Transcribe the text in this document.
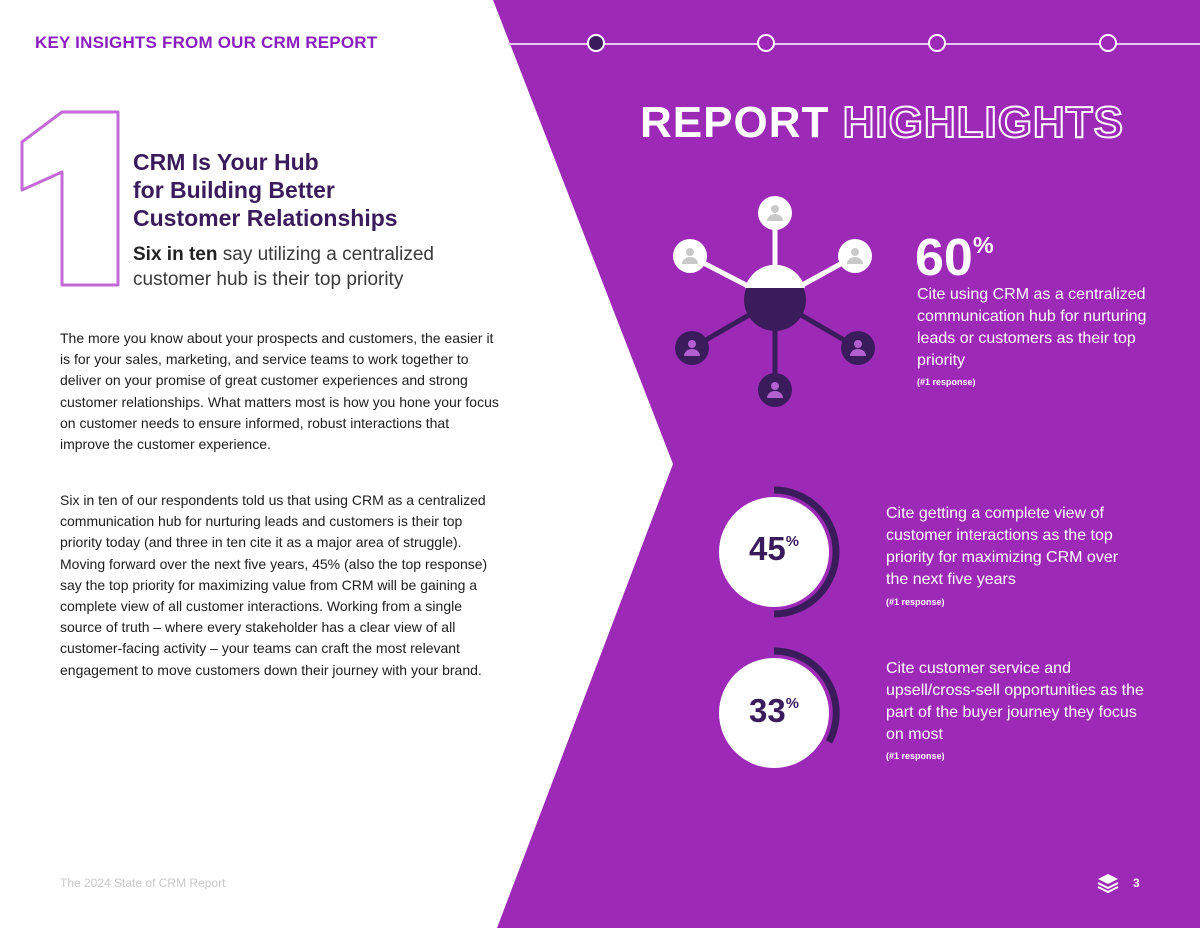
KEY INSIGHTS FROM OUR CRM REPORT
CRM Is Your Hub
for Building Better
Customer Relationships
Six in ten say utilizing a centralized customer hub is their top priority
The more you know about your prospects and customers, the easier it is for your sales, marketing, and service teams to work together to deliver on your promise of great customer experiences and strong customer relationships. What matters most is how you hone your focus on customer needs to ensure informed, robust interactions that improve the customer experience.
Six in ten of our respondents told us that using CRM as a centralized communication hub for nurturing leads and customers is their top priority today (and three in ten cite it as a major area of struggle). Moving forward over the next five years, 45% (also the top response) say the top priority for maximizing value from CRM will be gaining a complete view of all customer interactions. Working from a single source of truth – where every stakeholder has a clear view of all customer-facing activity – your teams can craft the most relevant engagement to move customers down their journey with your brand.
The 2024 State of CRM Report
REPORT HIGHLIGHTS
60%
Cite using CRM as a centralized communication hub for nurturing leads or customers as their top priority
(#1 response)
45%
Cite getting a complete view of customer interactions as the top priority for maximizing CRM over the next five years
(#1 response)
33%
Cite customer service and upsell/cross-sell opportunities as the part of the buyer journey they focus on most
(#1 response)
3
